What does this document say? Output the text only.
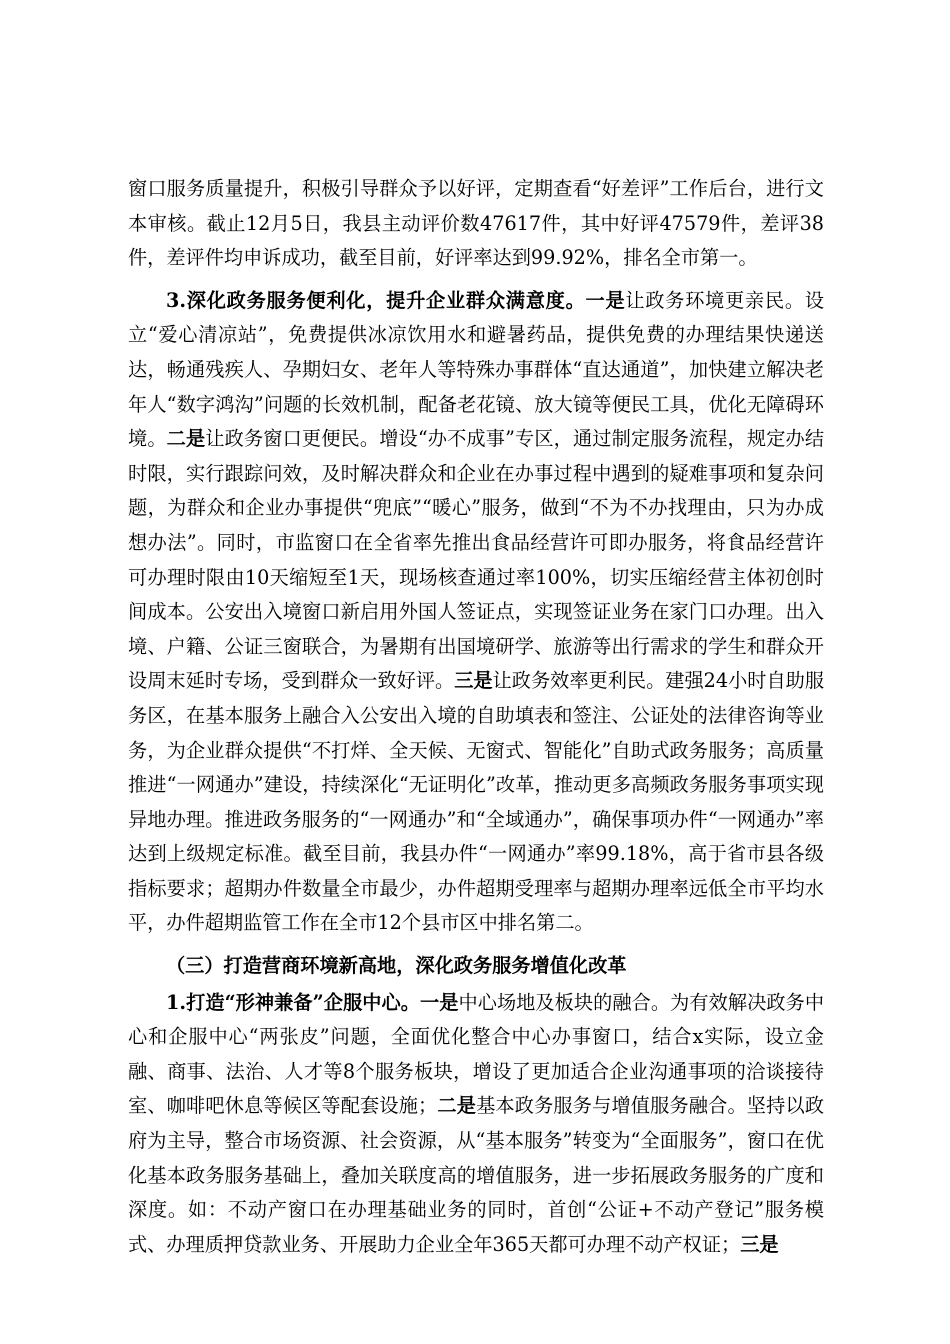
窗口服务质量提升，积极引导群众予以好评，定期查看“好差评”工作后台，进行文本审核。截止12月5日，我县主动评价数47617件，其中好评47579件，差评38件，差评件均申诉成功，截至目前，好评率达到99.92%，排名全市第一。

3.深化政务服务便利化，提升企业群众满意度。一是让政务环境更亲民。设立“爱心清凉站”，免费提供冰凉饮用水和避暑药品，提供免费的办理结果快递送达，畅通残疾人、孕期妇女、老年人等特殊办事群体“直达通道”，加快建立解决老年人“数字鸿沟”问题的长效机制，配备老花镜、放大镜等便民工具，优化无障碍环境。二是让政务窗口更便民。增设“办不成事”专区，通过制定服务流程，规定办结时限，实行跟踪问效，及时解决群众和企业在办事过程中遇到的疑难事项和复杂问题，为群众和企业办事提供“兜底”“暖心”服务，做到“不为不办找理由，只为办成想办法”。同时，市监窗口在全省率先推出食品经营许可即办服务，将食品经营许可办理时限由10天缩短至1天，现场核查通过率100%，切实压缩经营主体初创时间成本。公安出入境窗口新启用外国人签证点，实现签证业务在家门口办理。出入境、户籍、公证三窗联合，为暑期有出国境研学、旅游等出行需求的学生和群众开设周末延时专场，受到群众一致好评。三是让政务效率更利民。建强24小时自助服务区，在基本服务上融合入公安出入境的自助填表和签注、公证处的法律咨询等业务，为企业群众提供“不打烊、全天候、无窗式、智能化”自助式政务服务；高质量推进“一网通办”建设，持续深化“无证明化”改革，推动更多高频政务服务事项实现异地办理。推进政务服务的“一网通办”和“全域通办”，确保事项办件“一网通办”率达到上级规定标准。截至目前，我县办件“一网通办”率99.18%，高于省市县各级指标要求；超期办件数量全市最少，办件超期受理率与超期办理率远低全市平均水平，办件超期监管工作在全市12个县市区中排名第二。

（三）打造营商环境新高地，深化政务服务增值化改革

1.打造“形神兼备”企服中心。一是中心场地及板块的融合。为有效解决政务中心和企服中心“两张皮”问题，全面优化整合中心办事窗口，结合x实际，设立金融、商事、法治、人才等8个服务板块，增设了更加适合企业沟通事项的洽谈接待室、咖啡吧休息等候区等配套设施；二是基本政务服务与增值服务融合。坚持以政府为主导，整合市场资源、社会资源，从“基本服务”转变为“全面服务”，窗口在优化基本政务服务基础上，叠加关联度高的增值服务，进一步拓展政务服务的广度和深度。如：不动产窗口在办理基础业务的同时，首创“公证+不动产登记”服务模式、办理质押贷款业务、开展助力企业全年365天都可办理不动产权证；三是
